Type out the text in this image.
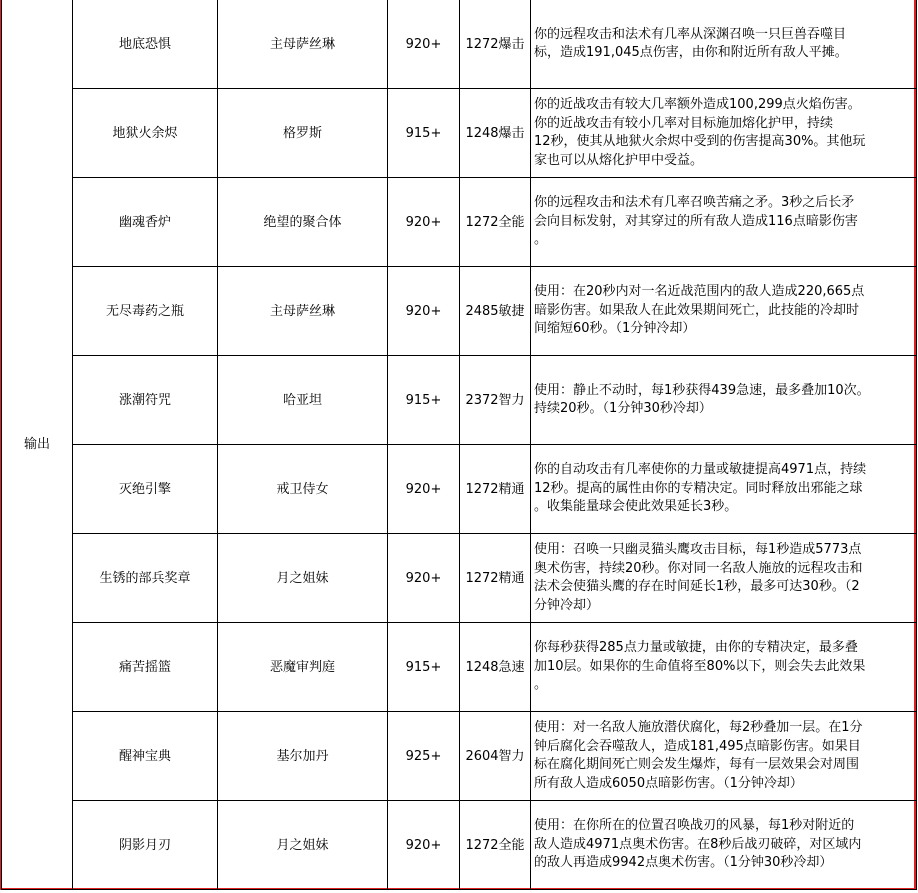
输出	地底恐惧	主母萨丝琳	920+	1272爆击	你的远程攻击和法术有几率从深渊召唤一只巨兽吞噬目
标，造成191,045点伤害，由你和附近所有敌人平摊。
	地狱火余烬	格罗斯	915+	1248爆击	你的近战攻击有较大几率额外造成100,299点火焰伤害。
你的近战攻击有较小几率对目标施加熔化护甲，持续
12秒，使其从地狱火余烬中受到的伤害提高30%。其他玩
家也可以从熔化护甲中受益。
	幽魂香炉	绝望的聚合体	920+	1272全能	你的远程攻击和法术有几率召唤苦痛之矛。3秒之后长矛
会向目标发射，对其穿过的所有敌人造成116点暗影伤害
。
	无尽毒药之瓶	主母萨丝琳	920+	2485敏捷	使用：在20秒内对一名近战范围内的敌人造成220,665点
暗影伤害。如果敌人在此效果期间死亡，此技能的冷却时
间缩短60秒。（1分钟冷却）
	涨潮符咒	哈亚坦	915+	2372智力	使用：静止不动时，每1秒获得439急速，最多叠加10次。
持续20秒。（1分钟30秒冷却）
	灭绝引擎	戒卫侍女	920+	1272精通	你的自动攻击有几率使你的力量或敏捷提高4971点，持续
12秒。提高的属性由你的专精决定。同时释放出邪能之球
。收集能量球会使此效果延长3秒。
	生锈的部兵奖章	月之姐妹	920+	1272精通	使用：召唤一只幽灵猫头鹰攻击目标，每1秒造成5773点
奥术伤害，持续20秒。你对同一名敌人施放的远程攻击和
法术会使猫头鹰的存在时间延长1秒，最多可达30秒。（2
分钟冷却）
	痛苦摇篮	恶魔审判庭	915+	1248急速	你每秒获得285点力量或敏捷，由你的专精决定，最多叠
加10层。如果你的生命值将至80%以下，则会失去此效果
。
	醒神宝典	基尔加丹	925+	2604智力	使用：对一名敌人施放潜伏腐化，每2秒叠加一层。在1分
钟后腐化会吞噬敌人，造成181,495点暗影伤害。如果目
标在腐化期间死亡则会发生爆炸，每有一层效果会对周围
所有敌人造成6050点暗影伤害。（1分钟冷却）
	阴影月刃	月之姐妹	920+	1272全能	使用：在你所在的位置召唤战刃的风暴，每1秒对附近的
敌人造成4971点奥术伤害。在8秒后战刃破碎，对区域内
的敌人再造成9942点奥术伤害。（1分钟30秒冷却）
